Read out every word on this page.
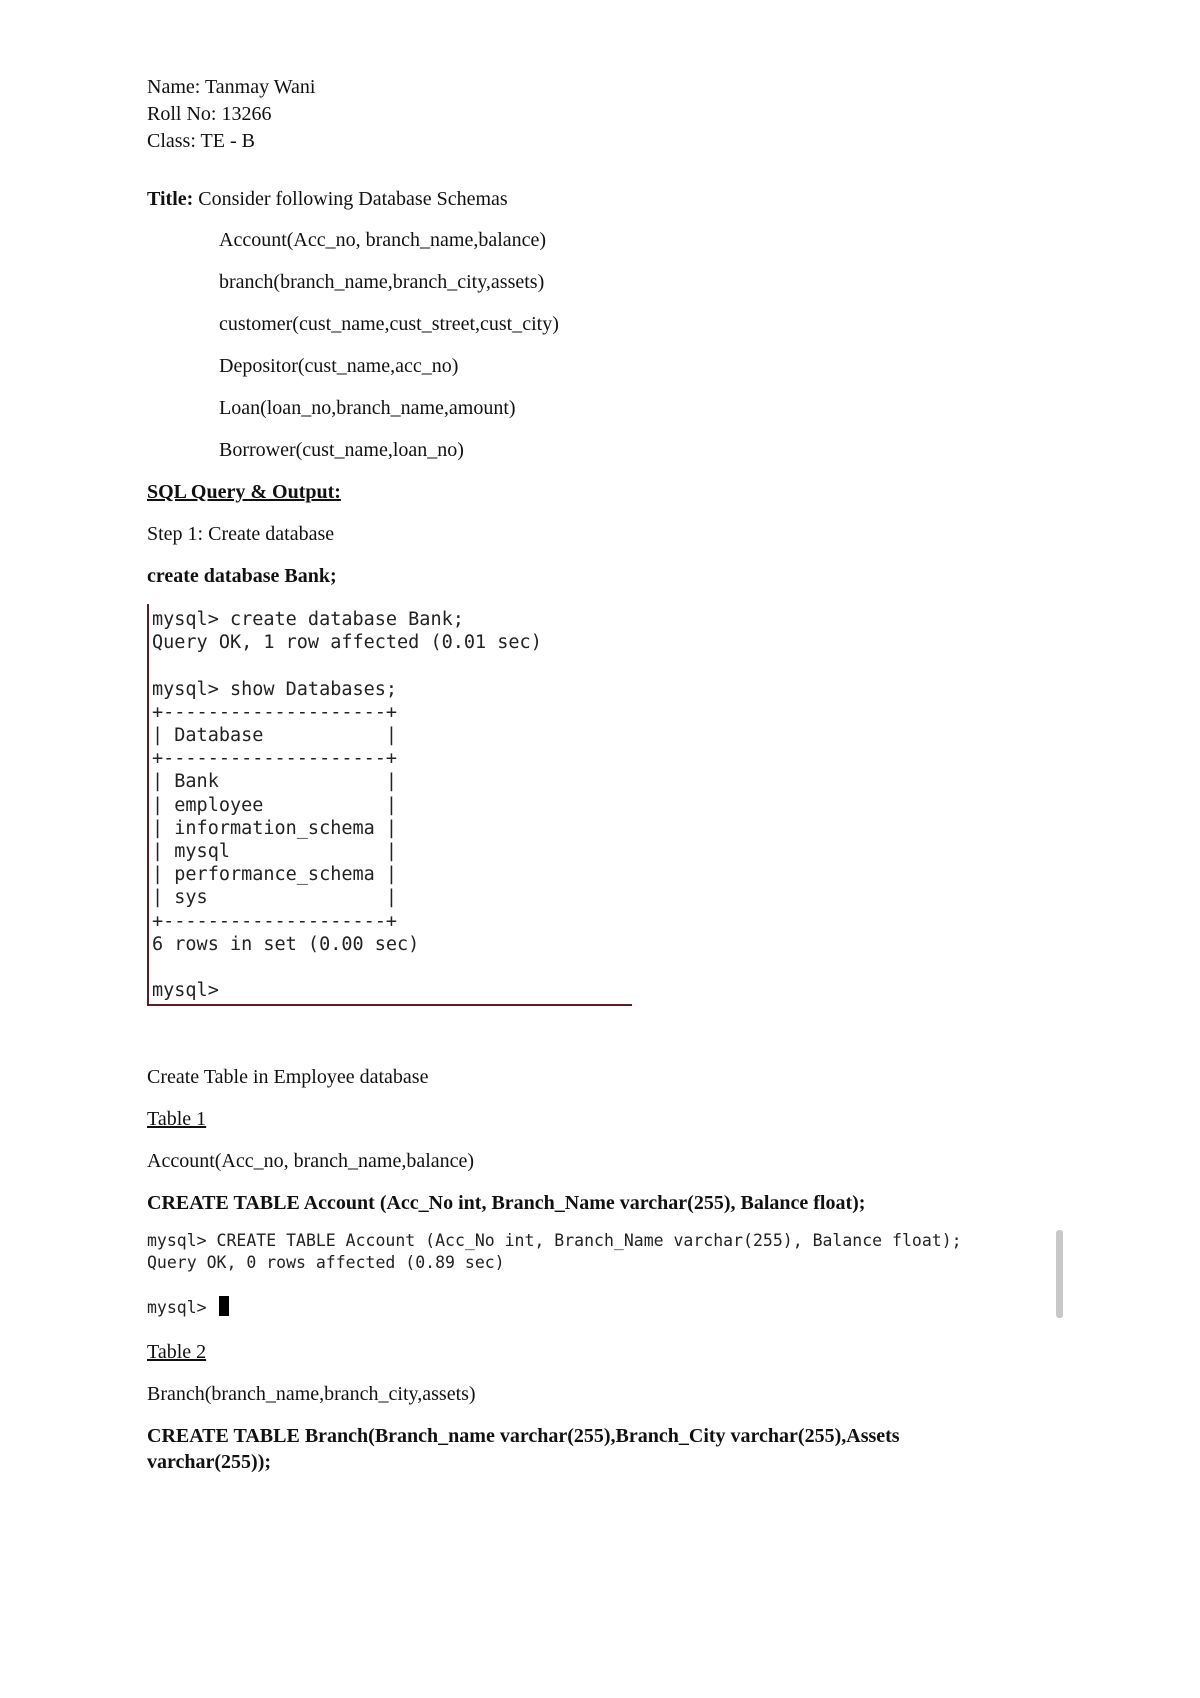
Name: Tanmay Wani
Roll No: 13266
Class: TE - B
Title: Consider following Database Schemas
Account(Acc_no, branch_name,balance)
branch(branch_name,branch_city,assets)
customer(cust_name,cust_street,cust_city)
Depositor(cust_name,acc_no)
Loan(loan_no,branch_name,amount)
Borrower(cust_name,loan_no)
SQL Query & Output:
Step 1: Create database
create database Bank;
mysql> create database Bank;
Query OK, 1 row affected (0.01 sec)

mysql> show Databases;
+--------------------+
| Database           |
+--------------------+
| Bank               |
| employee           |
| information_schema |
| mysql              |
| performance_schema |
| sys                |
+--------------------+
6 rows in set (0.00 sec)

mysql>
Create Table in Employee database
Table 1
Account(Acc_no, branch_name,balance)
CREATE TABLE Account (Acc_No int, Branch_Name varchar(255), Balance float);
mysql> CREATE TABLE Account (Acc_No int, Branch_Name varchar(255), Balance float);
Query OK, 0 rows affected (0.89 sec)

mysql>
Table 2
Branch(branch_name,branch_city,assets)
CREATE TABLE Branch(Branch_name varchar(255),Branch_City varchar(255),Assets
varchar(255));
